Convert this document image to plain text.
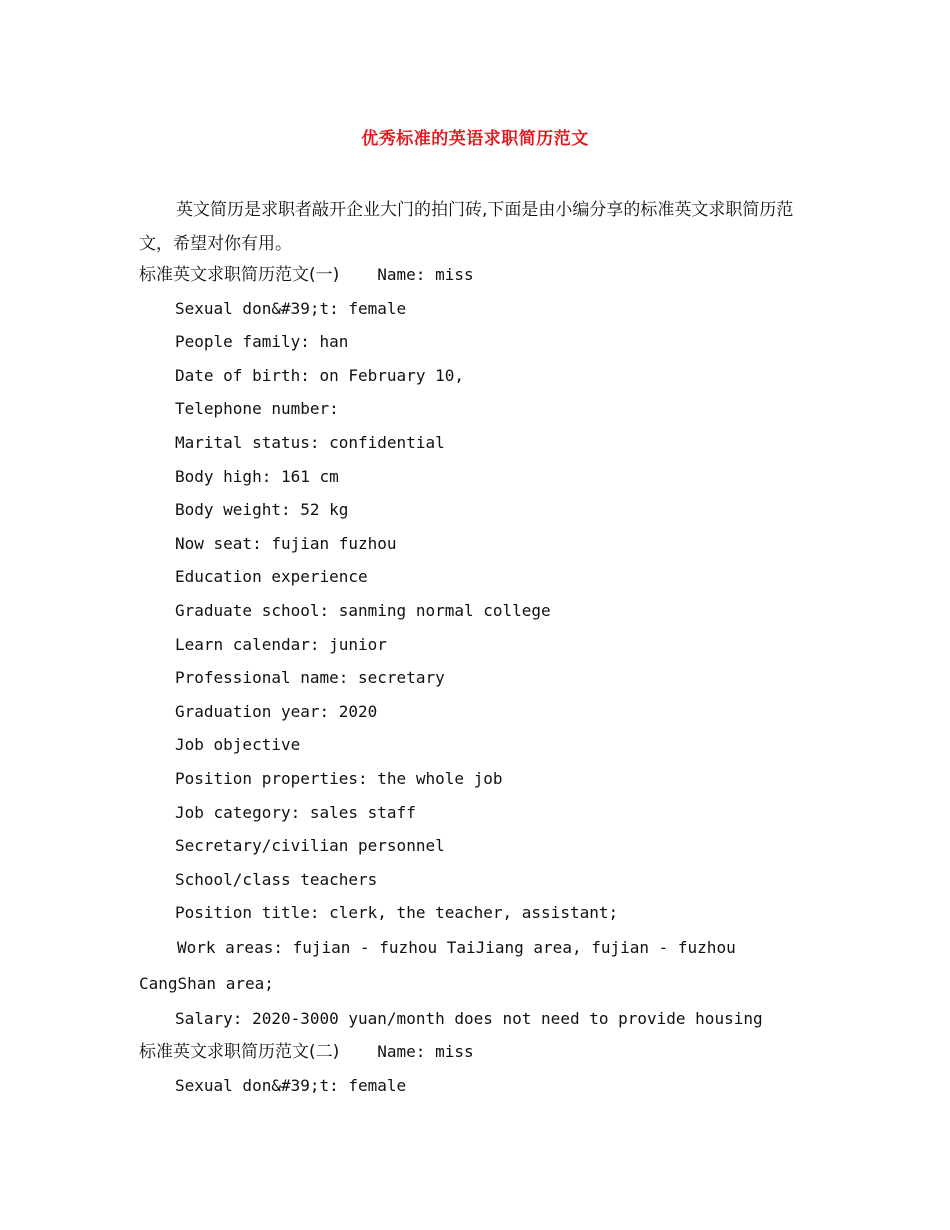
优秀标准的英语求职简历范文
英文简历是求职者敲开企业大门的拍门砖,下面是由小编分享的标准英文求职简历范文，希望对你有用。
标准英文求职简历范文(一) Name: miss
Sexual don&#39;t: female
People family: han
Date of birth: on February 10,
Telephone number:
Marital status: confidential
Body high: 161 cm
Body weight: 52 kg
Now seat: fujian fuzhou
Education experience
Graduate school: sanming normal college
Learn calendar: junior
Professional name: secretary
Graduation year: 2020
Job objective
Position properties: the whole job
Job category: sales staff
Secretary/civilian personnel
School/class teachers
Position title: clerk, the teacher, assistant;
Work areas: fujian - fuzhou TaiJiang area, fujian - fuzhou CangShan area;
Salary: 2020-3000 yuan/month does not need to provide housing
标准英文求职简历范文(二) Name: miss
Sexual don&#39;t: female
